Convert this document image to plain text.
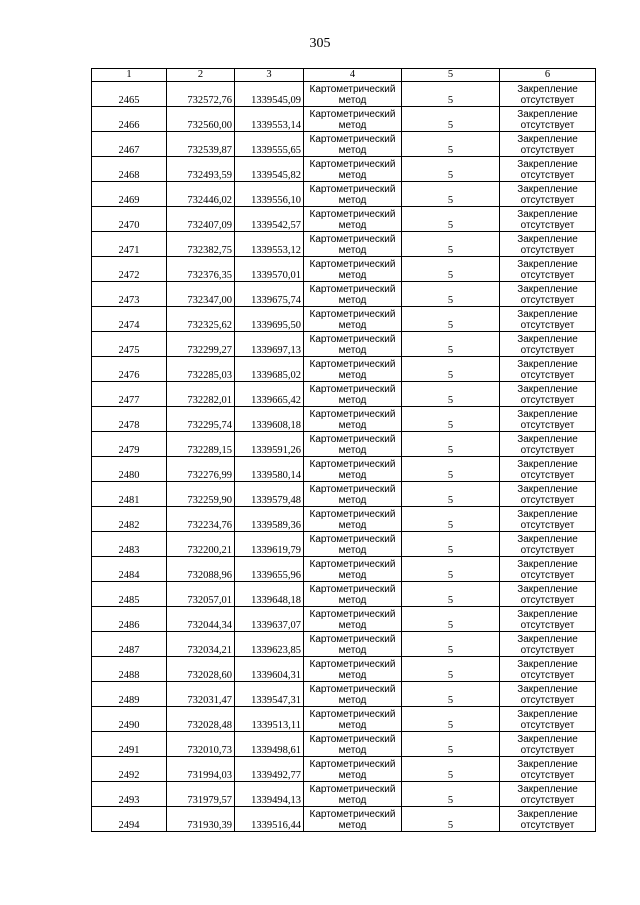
305
1	2	3	4	5	6
2465	732572,76	1339545,09	Картометрический
метод	5	Закрепление
отсутствует

2466	732560,00	1339553,14	Картометрический
метод	5	Закрепление
отсутствует

2467	732539,87	1339555,65	Картометрический
метод	5	Закрепление
отсутствует

2468	732493,59	1339545,82	Картометрический
метод	5	Закрепление
отсутствует

2469	732446,02	1339556,10	Картометрический
метод	5	Закрепление
отсутствует

2470	732407,09	1339542,57	Картометрический
метод	5	Закрепление
отсутствует

2471	732382,75	1339553,12	Картометрический
метод	5	Закрепление
отсутствует

2472	732376,35	1339570,01	Картометрический
метод	5	Закрепление
отсутствует

2473	732347,00	1339675,74	Картометрический
метод	5	Закрепление
отсутствует

2474	732325,62	1339695,50	Картометрический
метод	5	Закрепление
отсутствует

2475	732299,27	1339697,13	Картометрический
метод	5	Закрепление
отсутствует

2476	732285,03	1339685,02	Картометрический
метод	5	Закрепление
отсутствует

2477	732282,01	1339665,42	Картометрический
метод	5	Закрепление
отсутствует

2478	732295,74	1339608,18	Картометрический
метод	5	Закрепление
отсутствует

2479	732289,15	1339591,26	Картометрический
метод	5	Закрепление
отсутствует

2480	732276,99	1339580,14	Картометрический
метод	5	Закрепление
отсутствует

2481	732259,90	1339579,48	Картометрический
метод	5	Закрепление
отсутствует

2482	732234,76	1339589,36	Картометрический
метод	5	Закрепление
отсутствует

2483	732200,21	1339619,79	Картометрический
метод	5	Закрепление
отсутствует

2484	732088,96	1339655,96	Картометрический
метод	5	Закрепление
отсутствует

2485	732057,01	1339648,18	Картометрический
метод	5	Закрепление
отсутствует

2486	732044,34	1339637,07	Картометрический
метод	5	Закрепление
отсутствует

2487	732034,21	1339623,85	Картометрический
метод	5	Закрепление
отсутствует

2488	732028,60	1339604,31	Картометрический
метод	5	Закрепление
отсутствует

2489	732031,47	1339547,31	Картометрический
метод	5	Закрепление
отсутствует

2490	732028,48	1339513,11	Картометрический
метод	5	Закрепление
отсутствует

2491	732010,73	1339498,61	Картометрический
метод	5	Закрепление
отсутствует

2492	731994,03	1339492,77	Картометрический
метод	5	Закрепление
отсутствует

2493	731979,57	1339494,13	Картометрический
метод	5	Закрепление
отсутствует

2494	731930,39	1339516,44	Картометрический
метод	5	Закрепление
отсутствует
